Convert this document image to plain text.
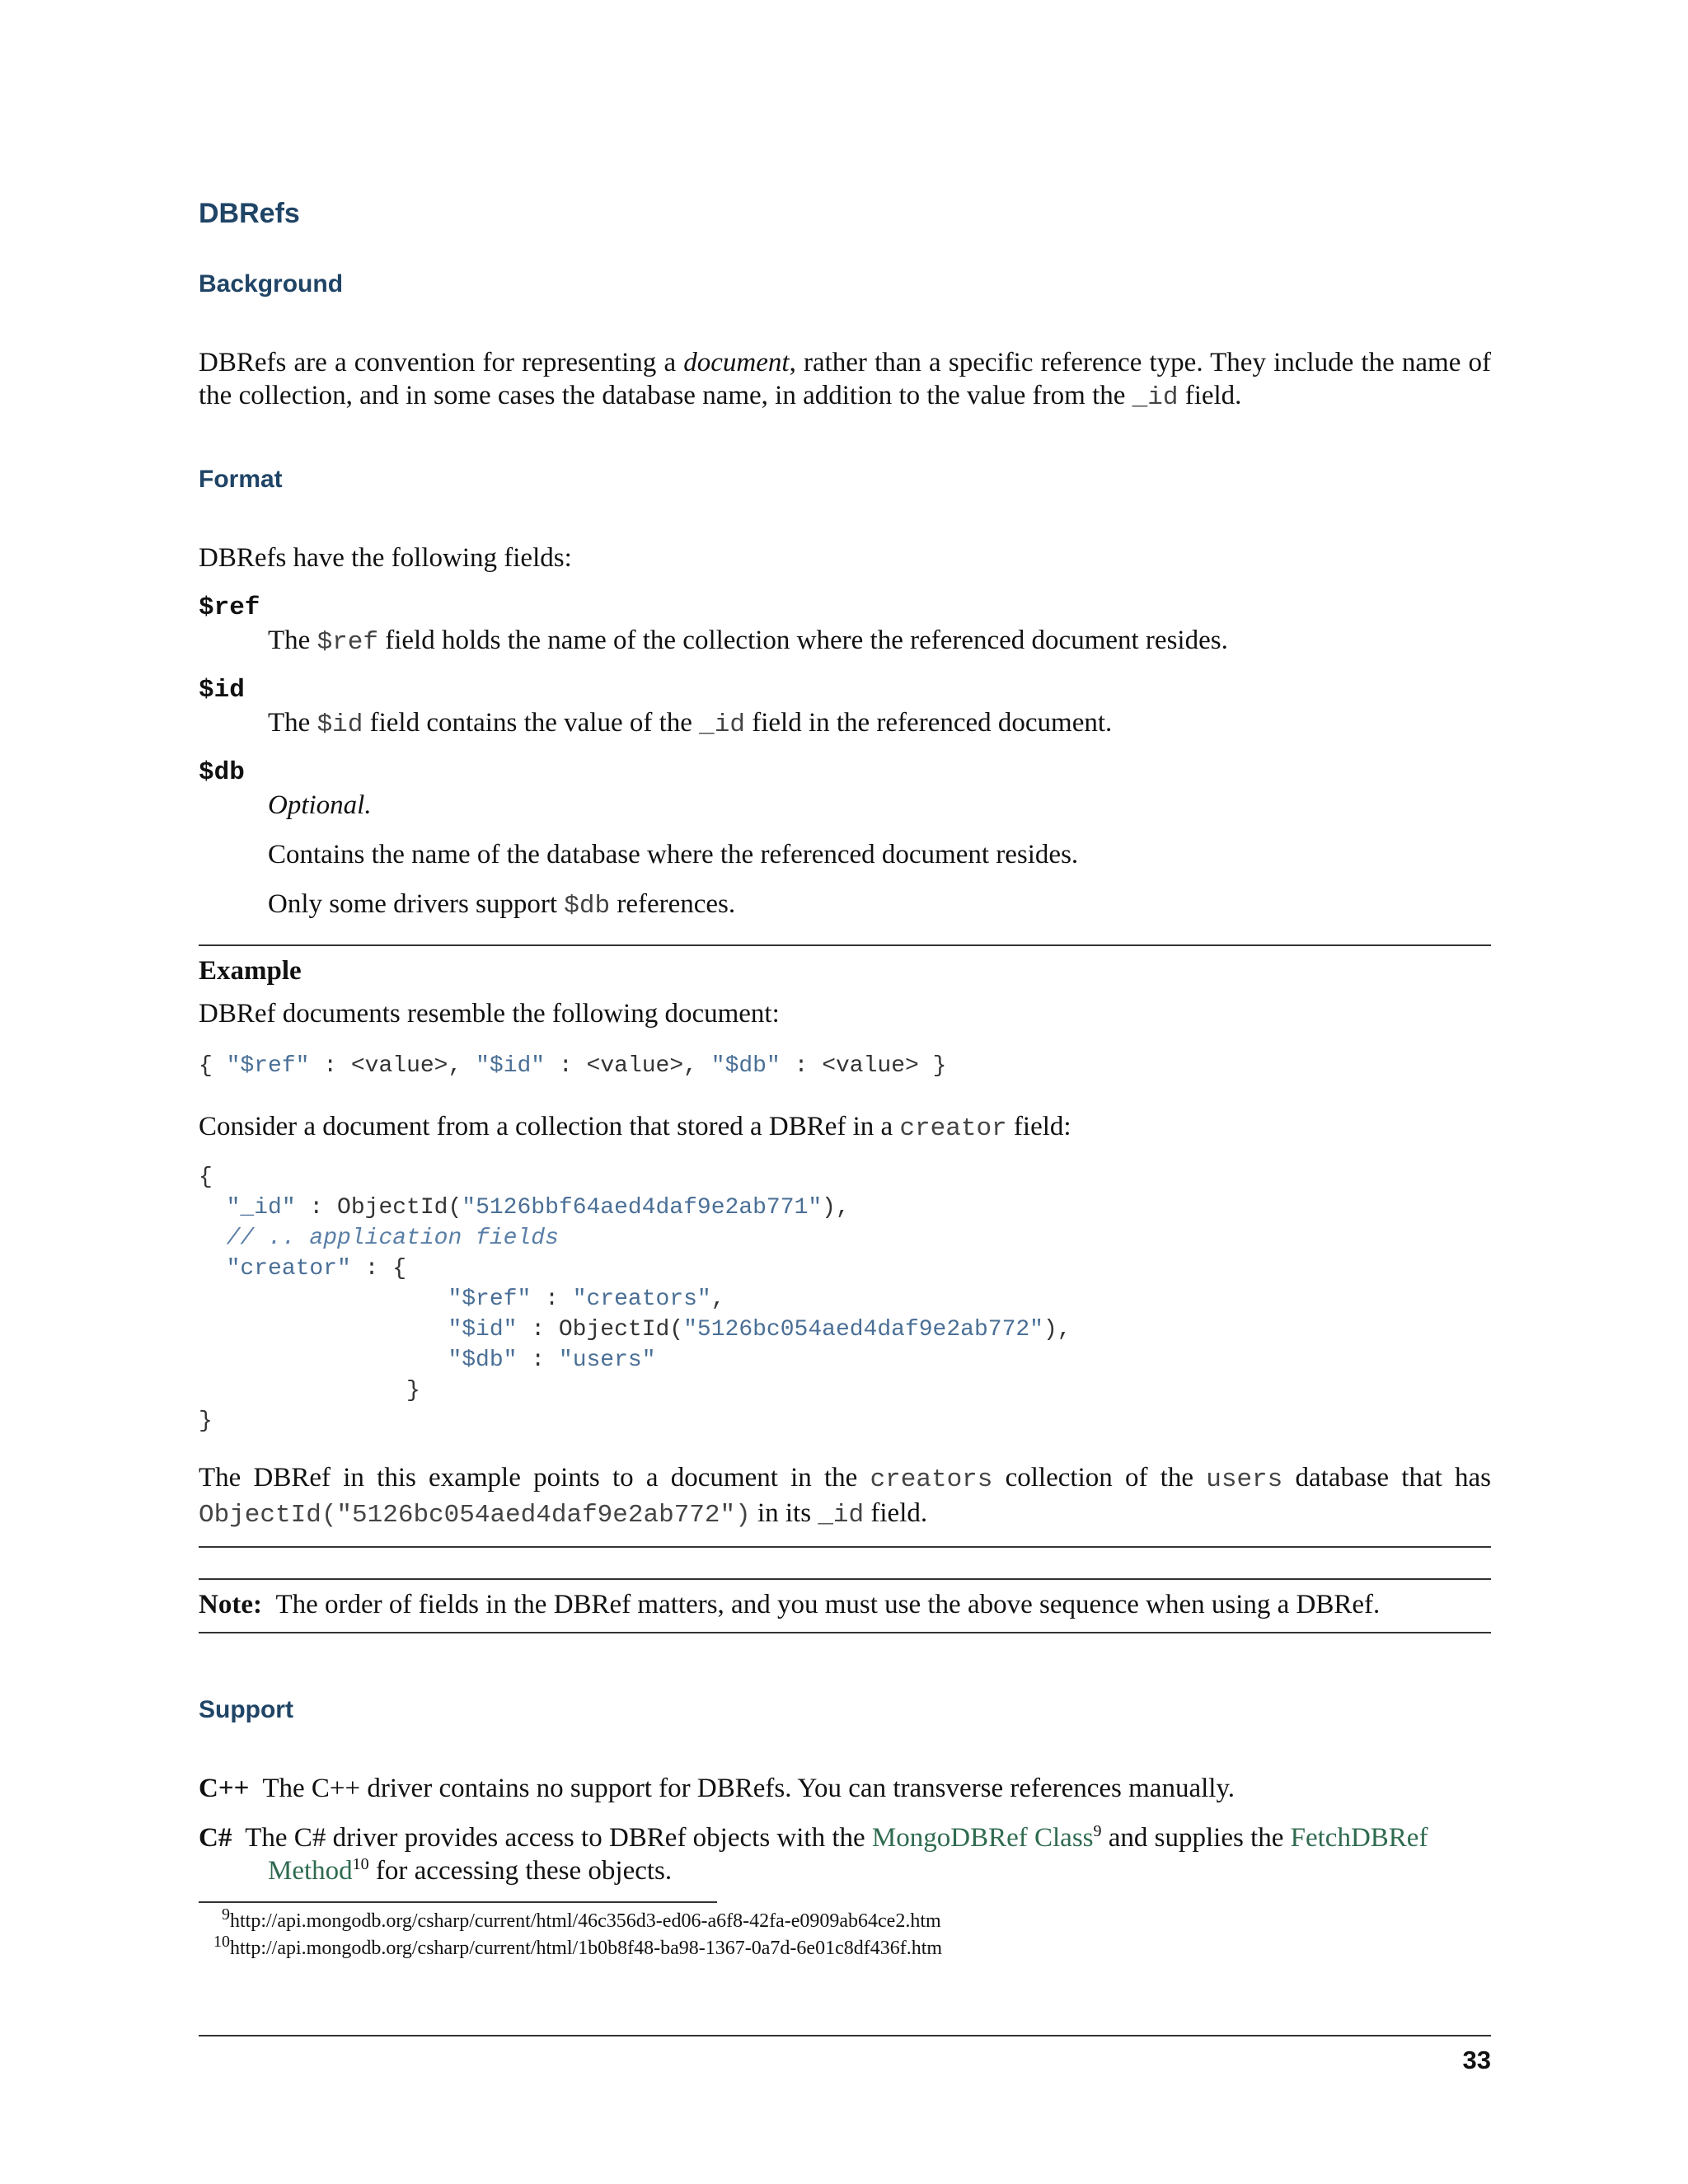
DBRefs
Background
DBRefs are a convention for representing a document, rather than a specific reference type. They include the name of the collection, and in some cases the database name, in addition to the value from the _id field.
Format
DBRefs have the following fields:
$ref
The $ref field holds the name of the collection where the referenced document resides.
$id
The $id field contains the value of the _id field in the referenced document.
$db
Optional.
Contains the name of the database where the referenced document resides.
Only some drivers support $db references.
Example
DBRef documents resemble the following document:
{ "$ref" : <value>, "$id" : <value>, "$db" : <value> }
Consider a document from a collection that stored a DBRef in a creator field:
{
"_id" : ObjectId("5126bbf64aed4daf9e2ab771"),
// .. application fields
"creator" : {
"$ref" : "creators",
"$id" : ObjectId("5126bc054aed4daf9e2ab772"),
"$db" : "users"
}
}
The DBRef in this example points to a document in the creators collection of the users database that has ObjectId("5126bc054aed4daf9e2ab772") in its _id field.
Note: The order of fields in the DBRef matters, and you must use the above sequence when using a DBRef.
Support
C++ The C++ driver contains no support for DBRefs. You can transverse references manually.
C# The C# driver provides access to DBRef objects with the MongoDBRef Class$^9$ and supplies the FetchDBRef
Method$^{10}$ for accessing these objects.
$^9$http://api.mongodb.org/csharp/current/html/46c356d3-ed06-a6f8-42fa-e0909ab64ce2.htm
$^{10}$http://api.mongodb.org/csharp/current/html/1b0b8f48-ba98-1367-0a7d-6e01c8df436f.htm
33
